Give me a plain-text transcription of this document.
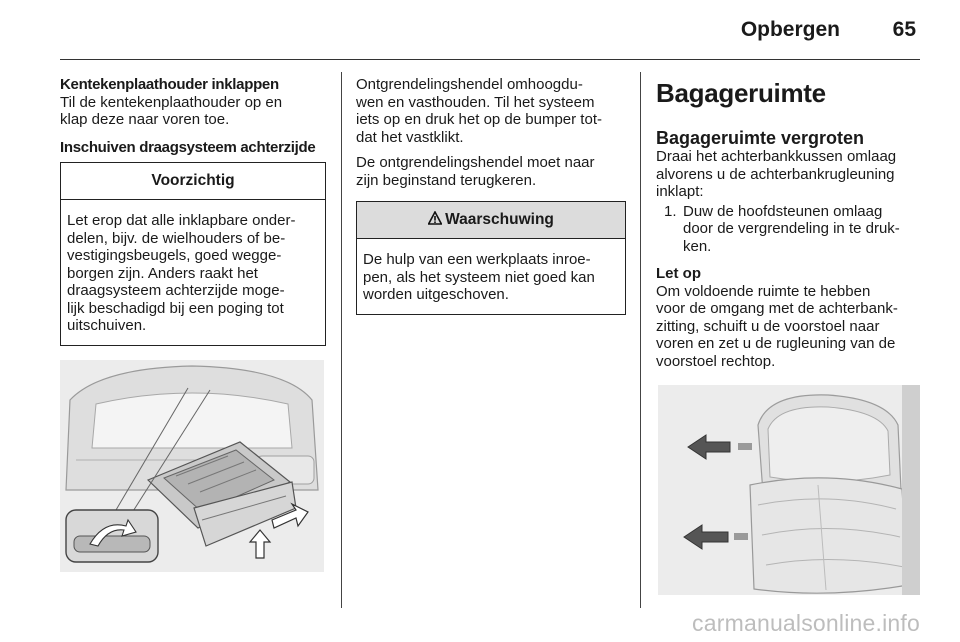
Opbergen	65
Kentekenplaathouder inklappen

Til de kentekenplaathouder op en
klap deze naar voren toe.

Inschuiven draagsysteem achterzijde
Voorzichtig
Let erop dat alle inklapbare onder-
delen, bijv. de wielhouders of be-
vestigingsbeugels, goed wegge-
borgen zijn. Anders raakt het
draagsysteem achterzijde moge-
lijk beschadigd bij een poging tot
uitschuiven.

Ontgrendelingshendel omhoogdu-
wen en vasthouden. Til het systeem
iets op en druk het op de bumper tot-
dat het vastklikt.

De ontgrendelingshendel moet naar
zijn beginstand terugkeren.

Waarschuwing
De hulp van een werkplaats inroe-
pen, als het systeem niet goed kan
worden uitgeschoven.
Bagageruimte
Bagageruimte vergroten

Draai het achterbankkussen omlaag
alvorens u de achterbankrugleuning
inklapt:

1. Duw de hoofdsteunen omlaag
door de vergrendeling in te druk-
ken.
Let op

Om voldoende ruimte te hebben
voor de omgang met de achterbank-
zitting, schuift u de voorstoel naar
voren en zet u de rugleuning van de
voorstoel rechtop.

carmanualsonline.info
